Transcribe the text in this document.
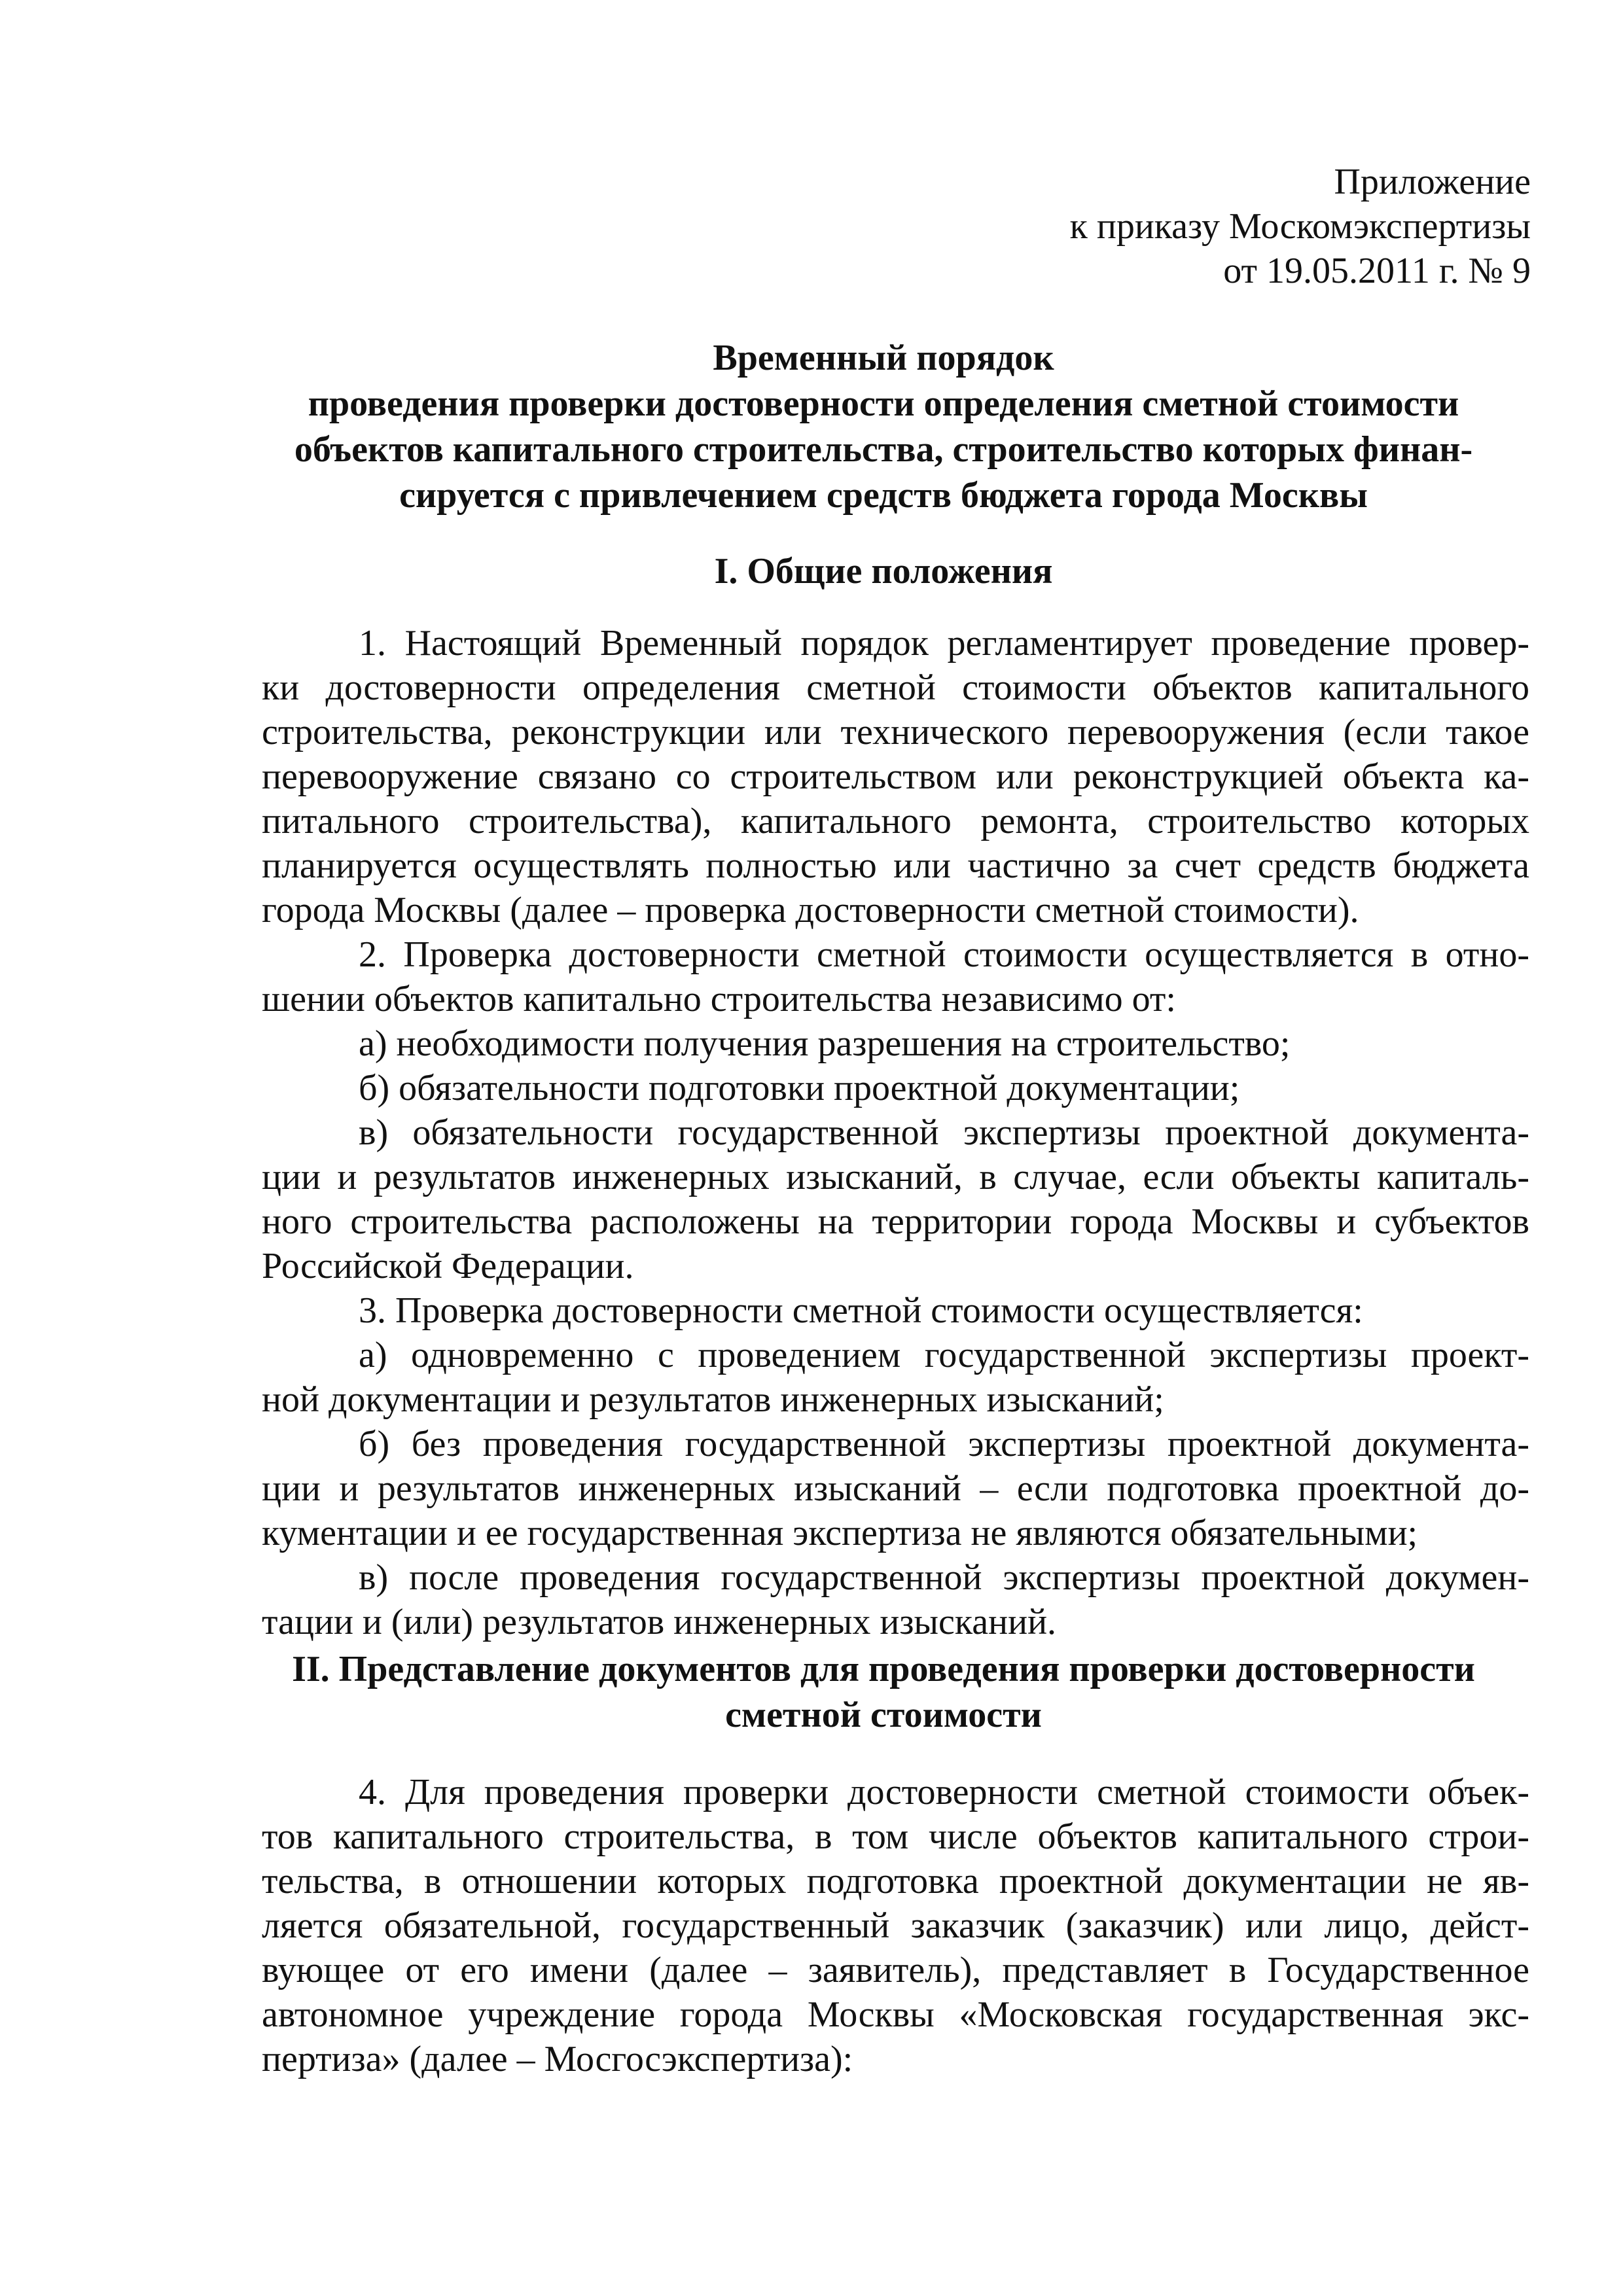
Приложение
к приказу Москомэкспертизы
от 19.05.2011 г. № 9
Временный порядок
проведения проверки достоверности определения сметной стоимости
объектов капитального строительства, строительство которых финан-
сируется с привлечением средств бюджета города Москвы
I. Общие положения
1. Настоящий Временный порядок регламентирует проведение провер-
ки достоверности определения сметной стоимости объектов капитального
строительства, реконструкции или технического перевооружения (если такое
перевооружение связано со строительством или реконструкцией объекта ка-
питального строительства), капитального ремонта, строительство которых
планируется осуществлять полностью или частично за счет средств бюджета
города Москвы (далее – проверка достоверности сметной стоимости).
2. Проверка достоверности сметной стоимости осуществляется в отно-
шении объектов капитально строительства независимо от:
а) необходимости получения разрешения на строительство;
б) обязательности подготовки проектной документации;
в) обязательности государственной экспертизы проектной документа-
ции и результатов инженерных изысканий, в случае, если объекты капиталь-
ного строительства расположены на территории города Москвы и субъектов
Российской Федерации.
3. Проверка достоверности сметной стоимости осуществляется:
а) одновременно с проведением государственной экспертизы проект-
ной документации и результатов инженерных изысканий;
б) без проведения государственной экспертизы проектной документа-
ции и результатов инженерных изысканий – если подготовка проектной до-
кументации и ее государственная экспертиза не являются обязательными;
в) после проведения государственной экспертизы проектной докумен-
тации и (или) результатов инженерных изысканий.
II. Представление документов для проведения проверки достоверности
сметной стоимости
4. Для проведения проверки достоверности сметной стоимости объек-
тов капитального строительства, в том числе объектов капитального строи-
тельства, в отношении которых подготовка проектной документации не яв-
ляется обязательной, государственный заказчик (заказчик) или лицо, дейст-
вующее от его имени (далее – заявитель), представляет в Государственное
автономное учреждение города Москвы «Московская государственная экс-
пертиза» (далее – Мосгосэкспертиза):
